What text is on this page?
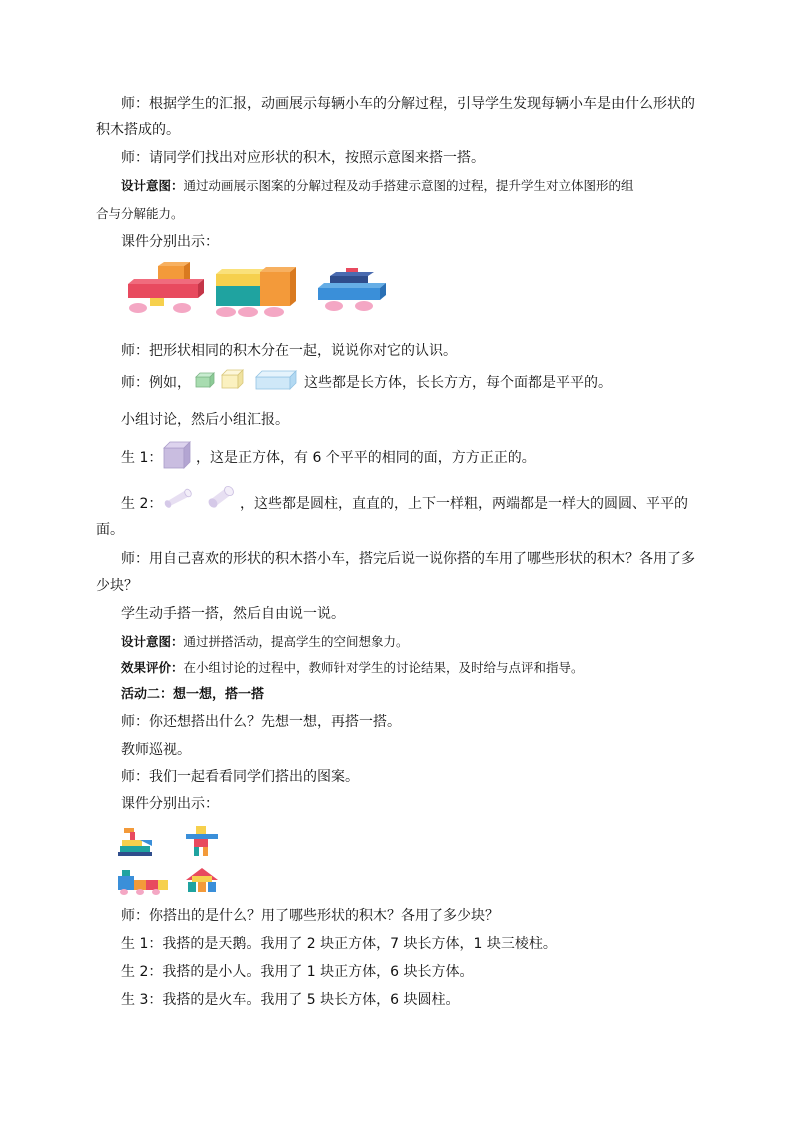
师：根据学生的汇报，动画展示每辆小车的分解过程，引导学生发现每辆小车是由什么形状的
积木搭成的。
师：请同学们找出对应形状的积木，按照示意图来搭一搭。
设计意图：通过动画展示图案的分解过程及动手搭建示意图的过程，提升学生对立体图形的组
合与分解能力。
课件分别出示：
师：把形状相同的积木分在一起，说说你对它的认识。
师：例如，	这些都是长方体，长长方方，每个面都是平平的。
小组讨论，然后小组汇报。
生 1： ，这是正方体，有 6 个平平的相同的面，方方正正的。
生 2：	，这些都是圆柱，直直的，上下一样粗，两端都是一样大的圆圆、平平的
面。
师：用自己喜欢的形状的积木搭小车，搭完后说一说你搭的车用了哪些形状的积木？各用了多
少块？
学生动手搭一搭，然后自由说一说。
设计意图：通过拼搭活动，提高学生的空间想象力。
效果评价：在小组讨论的过程中，教师针对学生的讨论结果，及时给与点评和指导。
活动二：想一想，搭一搭
师：你还想搭出什么？先想一想，再搭一搭。
教师巡视。
师：我们一起看看同学们搭出的图案。
课件分别出示：
师：你搭出的是什么？用了哪些形状的积木？各用了多少块？
生 1：我搭的是天鹅。我用了 2 块正方体，7 块长方体，1 块三棱柱。
生 2：我搭的是小人。我用了 1 块正方体，6 块长方体。
生 3：我搭的是火车。我用了 5 块长方体，6 块圆柱。
